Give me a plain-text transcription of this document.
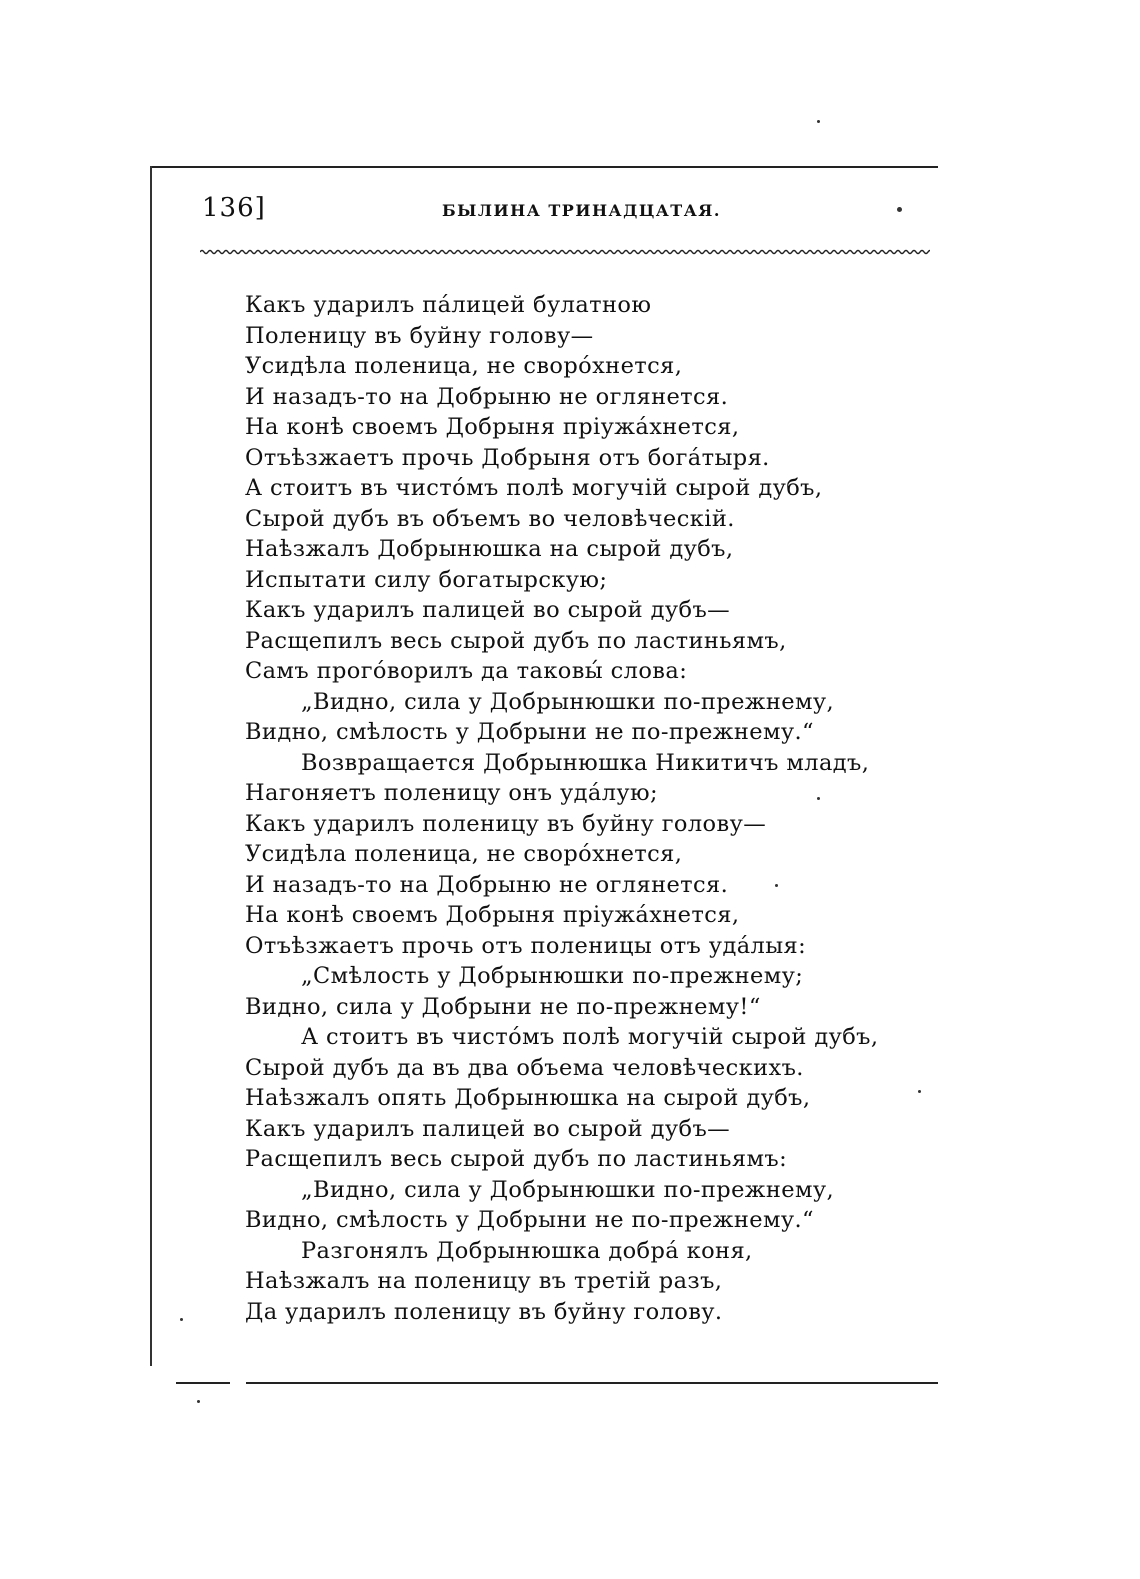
136]	БЫЛИНА ТРИНАДЦАТАЯ.
Какъ ударилъ пáлицей булатною
Поленицу въ буйну голову—
Усидѣла поленица, не сворóхнется,
И назадъ-то на Добрыню не оглянется.
На конѣ своемъ Добрыня прiужáхнется,
Отъѣзжаетъ прочь Добрыня отъ богáтыря.
А стоитъ въ чистóмъ полѣ могучiй сырой дубъ,
Сырой дубъ въ объемъ во человѣческiй.
Наѣзжалъ Добрынюшка на сырой дубъ,
Испытати силу богатырскую;
Какъ ударилъ палицей во сырой дубъ—
Расщепилъ весь сырой дубъ по ластиньямъ,
Самъ прогóворилъ да таковы́ слова:
„Видно, сила у Добрынюшки по-прежнему,
Видно, смѣлость у Добрыни не по-прежнему.“
Возвращается Добрынюшка Никитичъ младъ,
Нагоняетъ поленицу онъ удáлую;
Какъ ударилъ поленицу въ буйну голову—
Усидѣла поленица, не сворóхнется,
И назадъ-то на Добрыню не оглянется.
На конѣ своемъ Добрыня прiужáхнется,
Отъѣзжаетъ прочь отъ поленицы отъ удáлыя:
„Смѣлость у Добрынюшки по-прежнему;
Видно, сила у Добрыни не по-прежнему!“
А стоитъ въ чистóмъ полѣ могучiй сырой дубъ,
Сырой дубъ да въ два объема человѣческихъ.
Наѣзжалъ опять Добрынюшка на сырой дубъ,
Какъ ударилъ палицей во сырой дубъ—
Расщепилъ весь сырой дубъ по ластиньямъ:
„Видно, сила у Добрынюшки по-прежнему,
Видно, смѣлость у Добрыни не по-прежнему.“
Разгонялъ Добрынюшка добрá коня,
Наѣзжалъ на поленицу въ третiй разъ,
Да ударилъ поленицу въ буйну голову.
